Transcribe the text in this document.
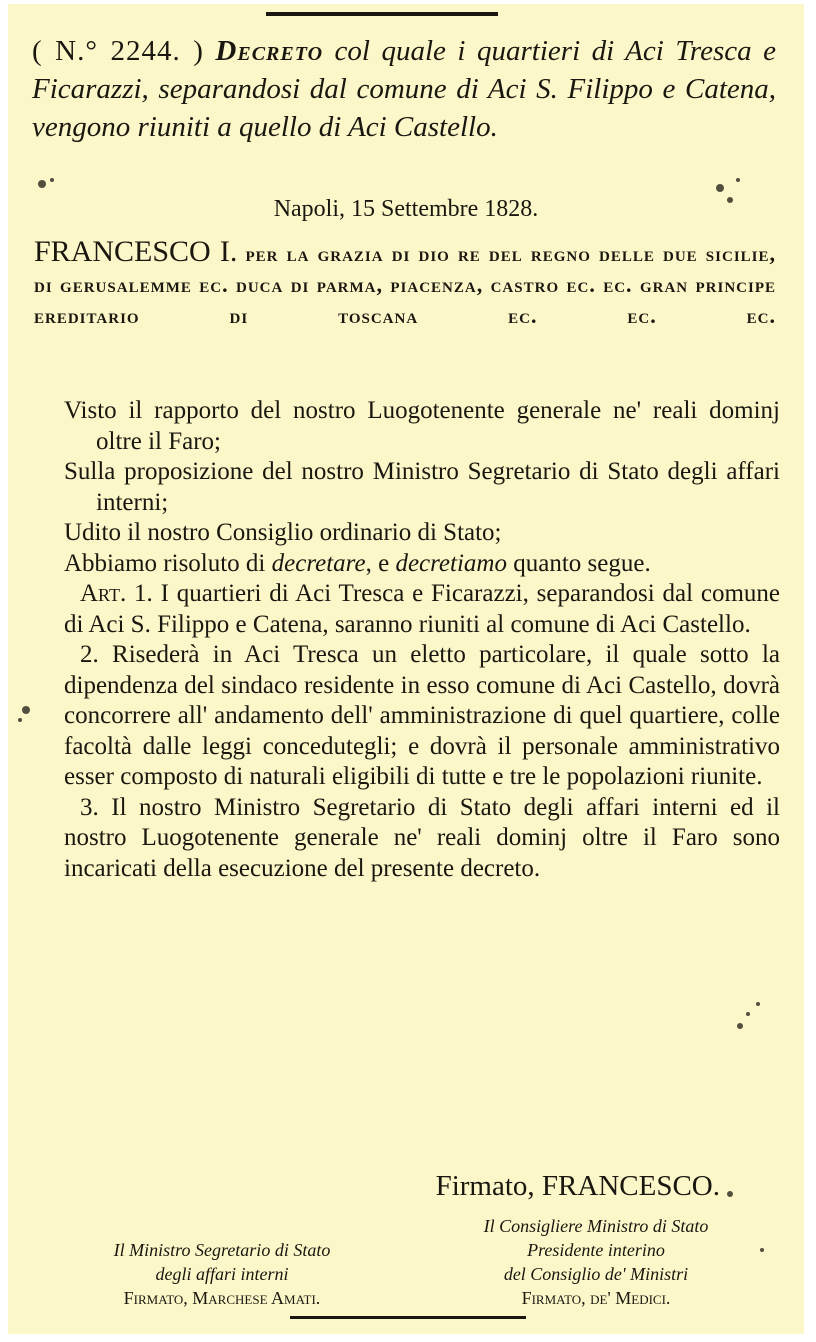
( N.° 2244. ) Decreto col quale i quartieri di Aci Tresca e Ficarazzi, separandosi dal comune di Aci S. Filippo e Catena, vengono riuniti a quello di Aci Castello.
Napoli, 15 Settembre 1828.
FRANCESCO I. per la grazia di dio re del regno delle due sicilie, di gerusalemme ec. duca di parma, piacenza, castro ec. ec. gran principe ereditario di toscana ec. ec. ec.

Visto il rapporto del nostro Luogotenente generale ne' reali dominj oltre il Faro;

Sulla proposizione del nostro Ministro Segretario di Stato degli affari interni;

Udito il nostro Consiglio ordinario di Stato;

Abbiamo risoluto di decretare, e decretiamo quanto segue.

Art. 1. I quartieri di Aci Tresca e Ficarazzi, separandosi dal comune di Aci S. Filippo e Catena, saranno riuniti al comune di Aci Castello.

2. Risederà in Aci Tresca un eletto particolare, il quale sotto la dipendenza del sindaco residente in esso comune di Aci Castello, dovrà concorrere all' andamento dell' amministrazione di quel quartiere, colle facoltà dalle leggi concedutegli; e dovrà il personale amministrativo esser composto di naturali eligibili di tutte e tre le popolazioni riunite.

3. Il nostro Ministro Segretario di Stato degli affari interni ed il nostro Luogotenente generale ne' reali dominj oltre il Faro sono incaricati della esecuzione del presente decreto.

Firmato, FRANCESCO.
Il Ministro Segretario di Stato
degli affari interni
Firmato, Marchese Amati.
Il Consigliere Ministro di Stato
Presidente interino
del Consiglio de' Ministri
Firmato, de' Medici.
